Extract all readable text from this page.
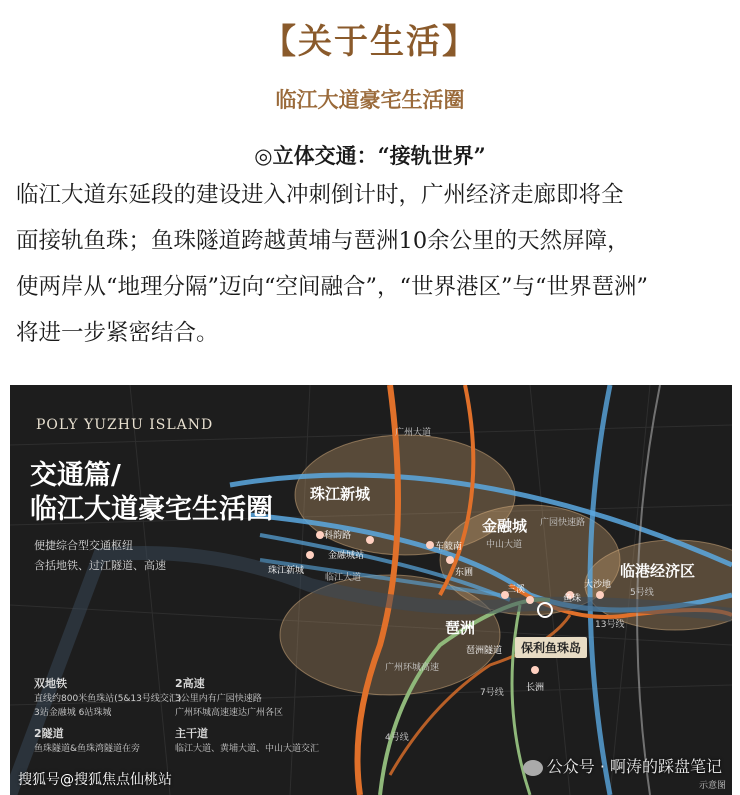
【关于生活】
临江大道豪宅生活圈
◎立体交通：“接轨世界”
临江大道东延段的建设进入冲刺倒计时，广州经济走廊即将全
面接轨鱼珠；鱼珠隧道跨越黄埔与琶洲10余公里的天然屏障，
使两岸从“地理分隔”迈向“空间融合”，“世界港区”与“世界琶洲”
将进一步紧密结合。
POLY YUZHU ISLAND
交通篇/
临江大道豪宅生活圈
便捷综合型交通枢纽
含括地铁、过江隧道、高速
珠江新城
金融城
临港经济区
琶洲
保利鱼珠岛
科韵路
金融城站
车陂南
珠江新城	东圃
三溪
鱼珠
大沙地
长洲
琶洲隧道
广州大道
广园快速路
中山大道
临江大道
5号线
13号线
7号线
4号线
广州环城高速
双地铁
直线约800米鱼珠站(5&13号线交汇)
3站金融城 6站珠城
2隧道
鱼珠隧道&鱼珠湾隧道在旁
2高速
3公里内有广园快速路
广州环城高速速达广州各区
主干道
临江大道、黄埔大道、中山大道交汇
示意图
搜狐号@搜狐焦点仙桃站
公众号 · 啊涛的踩盘笔记
